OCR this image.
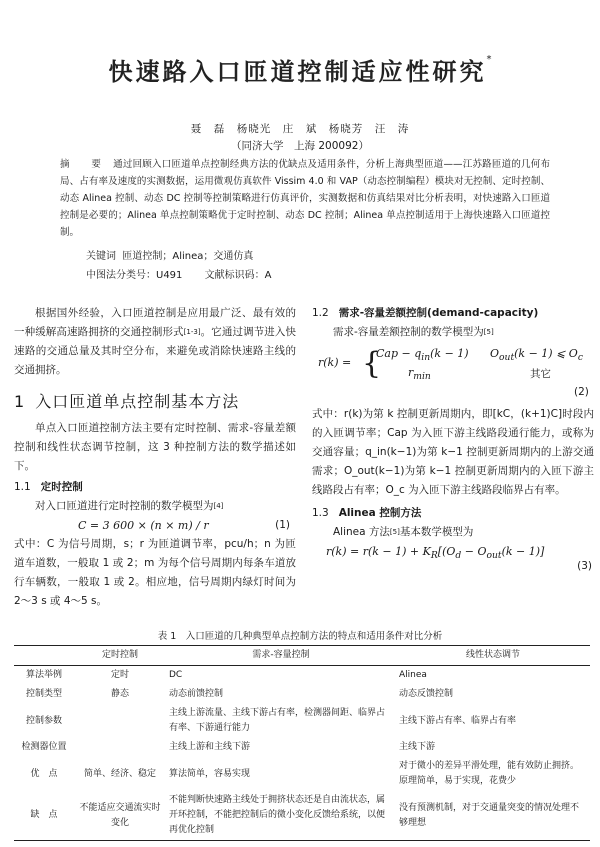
快速路入口匝道控制适应性研究*
聂　磊　杨晓光　庄　斌　杨晓芳　汪　涛
（同济大学　上海 200092）
摘　要 通过回顾入口匝道单点控制经典方法的优缺点及适用条件，分析上海典型匝道——江苏路匝道的几何布局、占有率及速度的实测数据，运用微观仿真软件 Vissim 4.0 和 VAP（动态控制编程）模块对无控制、定时控制、动态 Alinea 控制、动态 DC 控制等控制策略进行仿真评价，实测数据和仿真结果对比分析表明，对快速路入口匝道控制是必要的；Alinea 单点控制策略优于定时控制、动态 DC 控制；Alinea 单点控制适用于上海快速路入口匝道控制。
关键词 匝道控制；Alinea；交通仿真
中图法分类号：U491 文献标识码：A

根据国外经验，入口匝道控制是应用最广泛、最有效的一种缓解高速路拥挤的交通控制形式[1-3]。它通过调节进入快速路的交通总量及其时空分布，来避免或消除快速路主线的交通拥挤。

1 入口匝道单点控制基本方法

单点入口匝道控制方法主要有定时控制、需求-容量差额控制和线性状态调节控制，这 3 种控制方法的数学描述如下。

1.1 定时控制

对入口匝道进行定时控制的数学模型为[4]

C = 3 600 × (n × m) / r	(1)

式中：C 为信号周期，s；r 为匝道调节率，pcu/h；n 为匝道车道数，一般取 1 或 2；m 为每个信号周期内每条车道放行车辆数，一般取 1 或 2。相应地，信号周期内绿灯时间为 2～3 s 或 4～5 s。

1.2 需求-容量差额控制(demand-capacity)

需求-容量差额控制的数学模型为[5]

r(k) = {
Cap − $q_{in}(k - 1) O_{out}(k - 1)$ ⩽ $O_c$
$r_{min}$	其它
(2)

式中：r(k)为第 k 控制更新周期内，即[kC，(k+1)C]时段内的入匝调节率；Cap 为入匝下游主线路段通行能力，或称为交通容量；q_in(k−1)为第 k−1 控制更新周期内的上游交通需求；O_out(k−1)为第 k−1 控制更新周期内的入匝下游主线路段占有率；O_c 为入匝下游主线路段临界占有率。

1.3 Alinea 控制方法

Alinea 方法[5]基本数学模型为

$r(k) = r(k - 1) + K_R[(O_d - O_{out}(k - 1)]$

(3)

表 1　入口匝道的几种典型单点控制方法的特点和适用条件对比分析
	定时控制	需求-容量控制	线性状态调节
算法举例	定时	DC	Alinea
控制类型	静态	动态前馈控制	动态反馈控制
控制参数		主线上游流量、主线下游占有率，检测器间距、临界占有率、下游通行能力	主线下游占有率、临界占有率
检测器位置		主线上游和主线下游	主线下游
优　点	简单、经济、稳定	算法简单，容易实现	对于微小的差异平滑处理，能有效防止拥挤。原理简单，易于实现，花费少
缺　点	不能适应交通流实时变化	不能判断快速路主线处于拥挤状态还是自由流状态，属开环控制，不能把控制后的微小变化反馈给系统，以便再优化控制	没有预测机制，对于交通量突变的情况处理不够理想
